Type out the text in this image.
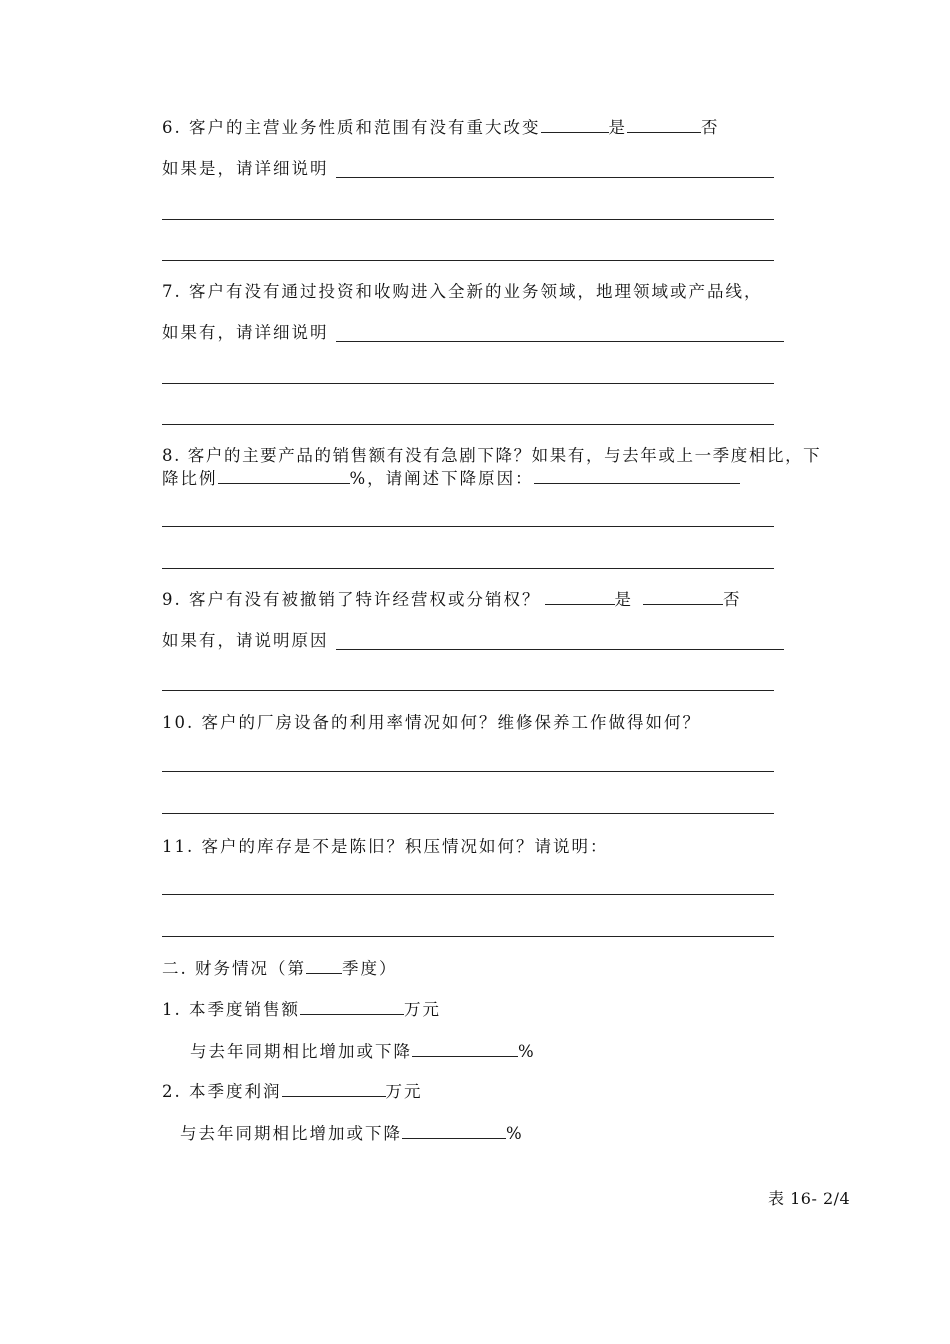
6. 客户的主营业务性质和范围有没有重大改变	是	否
如果是，请详细说明
7. 客户有没有通过投资和收购进入全新的业务领域，地理领域或产品线，
如果有，请详细说明
8. 客户的主要产品的销售额有没有急剧下降？如果有，与去年或上一季度相比，下
降比例	%，请阐述下降原因：
9. 客户有没有被撤销了特许经营权或分销权？	是	否
如果有，请说明原因
10. 客户的厂房设备的利用率情况如何？维修保养工作做得如何？
11. 客户的库存是不是陈旧？积压情况如何？请说明：
二. 财务情况（第 季度）
1. 本季度销售额	万元
与去年同期相比增加或下降	%
2. 本季度利润	万元
与去年同期相比增加或下降	%
表 16- 2/4
